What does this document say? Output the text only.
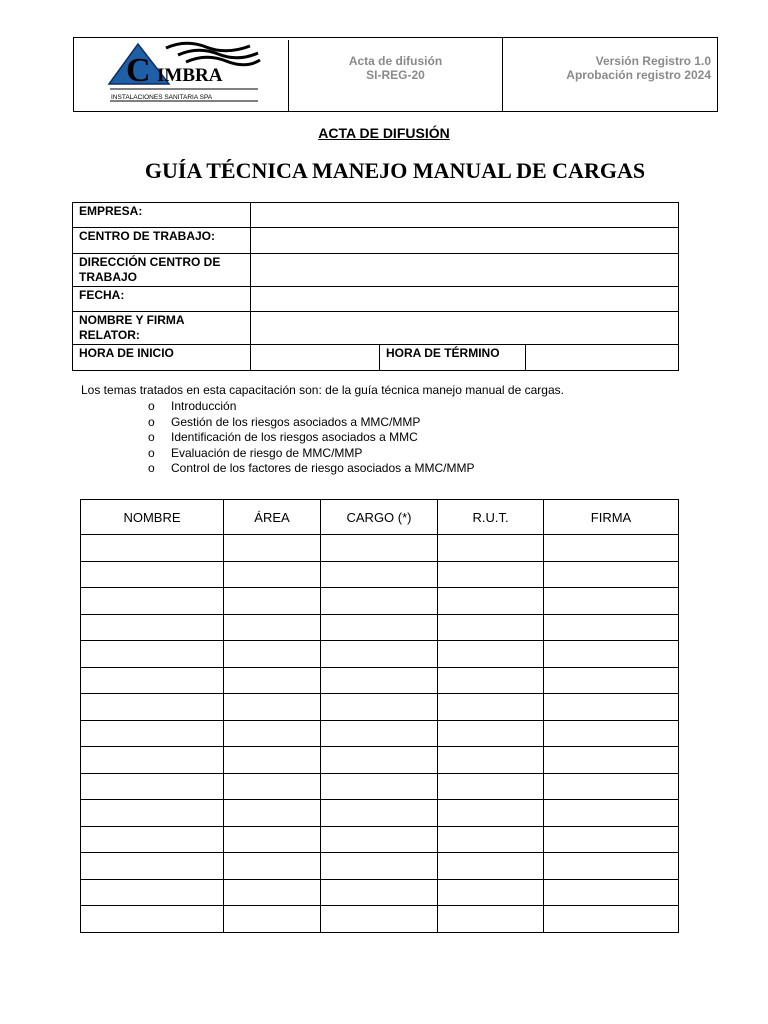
C IMBRA
INSTALACIONES SANITARIA SPA

Acta de difusión
SI-REG-20

Versión Registro 1.0
Aprobación registro 2024
ACTA DE DIFUSIÓN
GUÍA TÉCNICA MANEJO MANUAL DE CARGAS
EMPRESA:			
CENTRO DE TRABAJO:			
DIRECCIÓN CENTRO DE TRABAJO			
FECHA:			
NOMBRE Y FIRMA RELATOR:			
HORA DE INICIO		HORA DE TÉRMINO	
Los temas tratados en esta capacitación son: de la guía técnica manejo manual de cargas.
o Introducción
o Gestión de los riesgos asociados a MMC/MMP
o Identificación de los riesgos asociados a MMC
o Evaluación de riesgo de MMC/MMP
o Control de los factores de riesgo asociados a MMC/MMP
NOMBRE	ÁREA	CARGO (*)	R.U.T.	FIRMA
